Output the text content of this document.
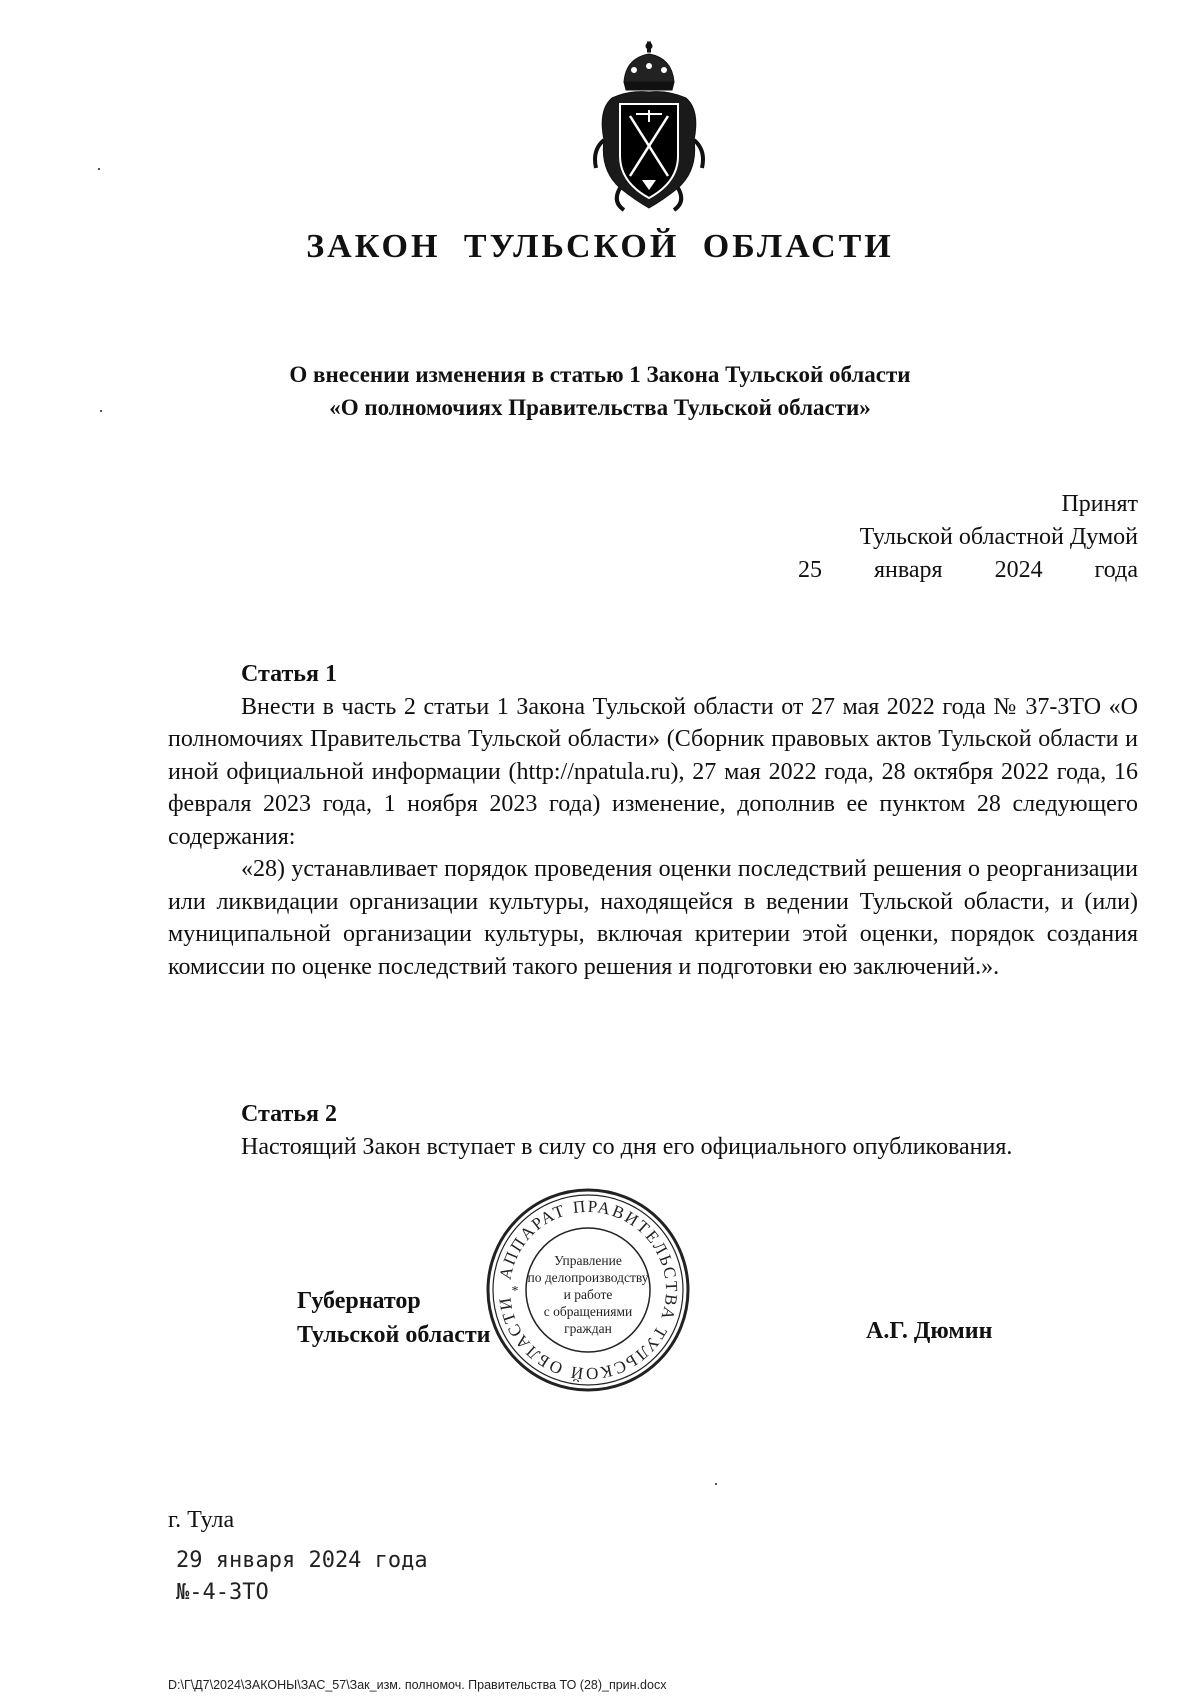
ЗАКОН ТУЛЬСКОЙ ОБЛАСТИ
О внесении изменения в статью 1 Закона Тульской области
«О полномочиях Правительства Тульской области»
Принят
Тульской областной Думой
25 января 2024 года
Статья 1
Внести в часть 2 статьи 1 Закона Тульской области от 27 мая 2022 года № 37-ЗТО «О полномочиях Правительства Тульской области» (Сборник правовых актов Тульской области и иной официальной информации (http://npatula.ru), 27 мая 2022 года, 28 октября 2022 года, 16 февраля 2023 года, 1 ноября 2023 года) изменение, дополнив ее пунктом 28 следующего содержания:
«28) устанавливает порядок проведения оценки последствий решения о реорганизации или ликвидации организации культуры, находящейся в ведении Тульской области, и (или) муниципальной организации культуры, включая критерии этой оценки, порядок создания комиссии по оценке последствий такого решения и подготовки ею заключений.».
Статья 2
Настоящий Закон вступает в силу со дня его официального опубликования.
Губернатор
Тульской области	А.Г. Дюмин
АППАРАТ ПРАВИТЕЛЬСТВА ТУЛЬСКОЙ ОБЛАСТИ
Управление
по делопроизводству
и работе
с обращениями
граждан
*
г. Тула
29 января 2024 года
№-4-ЗТО
D:\Г\Д7\2024\ЗАКОНЫ\ЗАС_57\Зак_изм. полномоч. Правительства ТО (28)_прин.docx
